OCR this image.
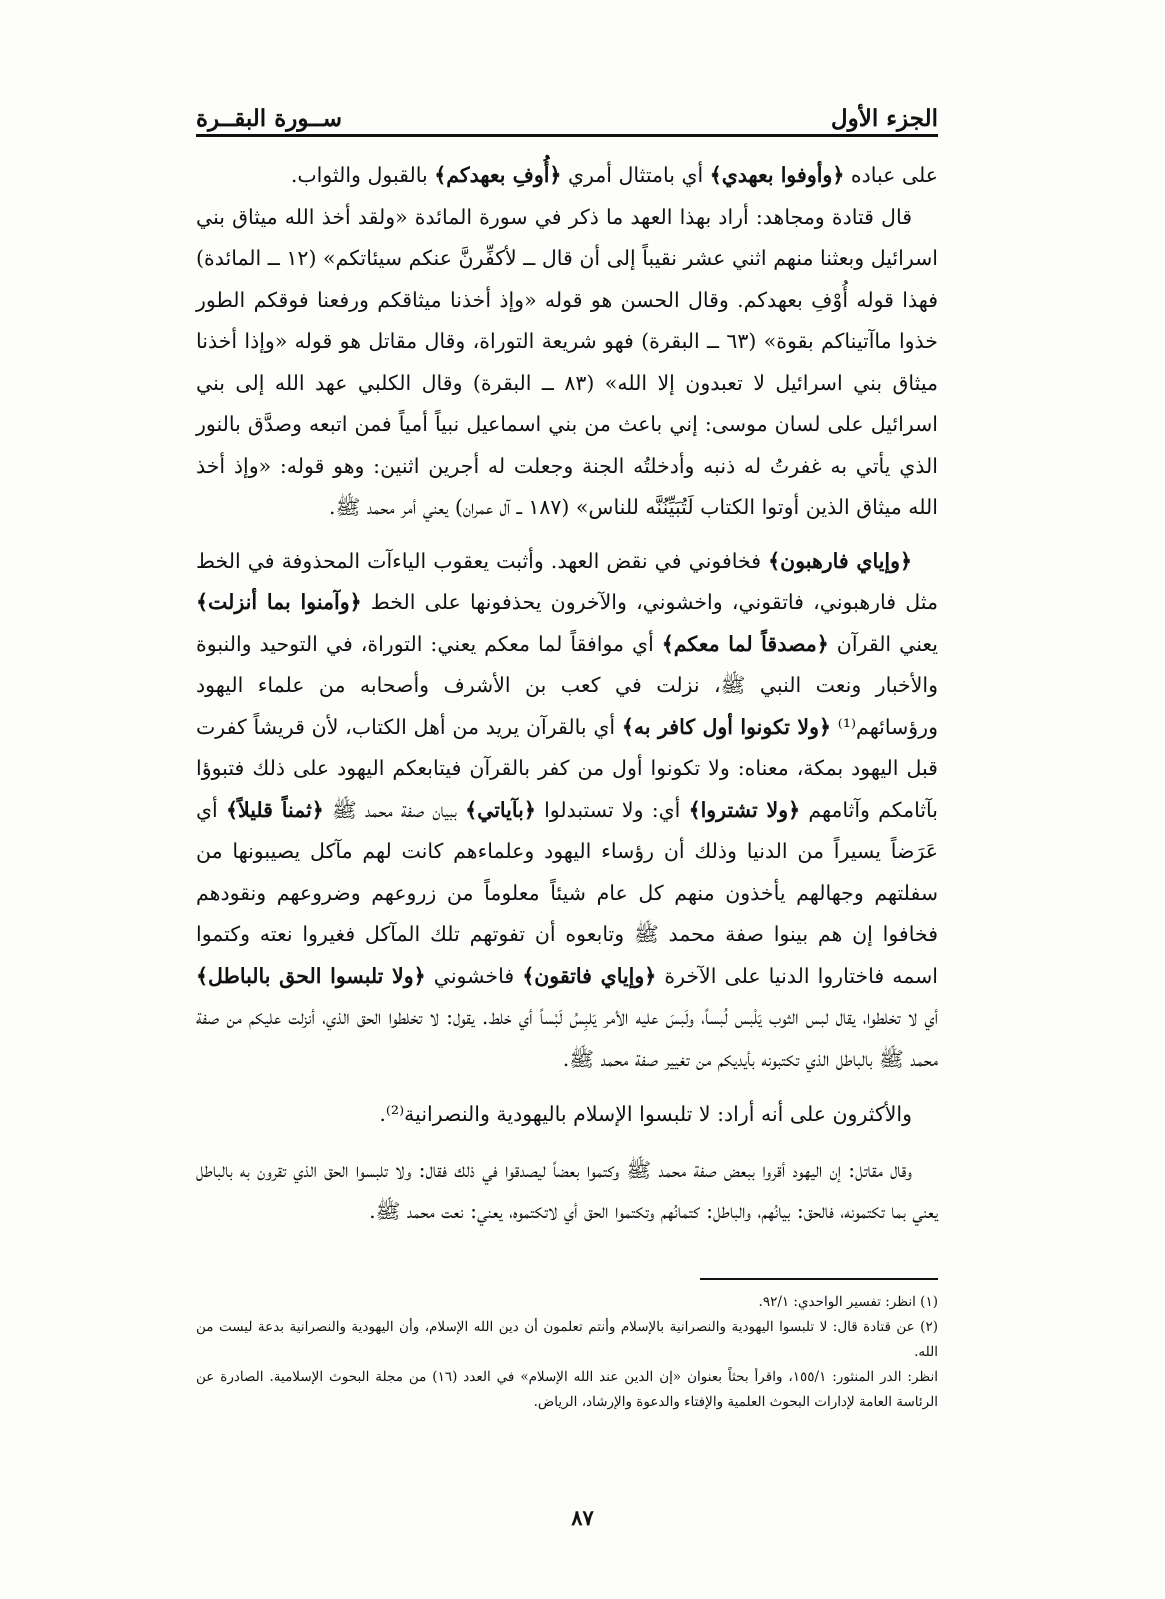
الجزء الأول
ســورة البقــرة

على عباده ﴿وأوفوا بعهدي﴾ أي بامتثال أمري ﴿أُوفِ بعهدكم﴾ بالقبول والثواب.

قال قتادة ومجاهد: أراد بهذا العهد ما ذكر في سورة المائدة «ولقد أخذ الله ميثاق بني اسرائيل وبعثنا منهم اثني عشر نقيباً إلى أن قال ــ لأكفِّرنَّ عنكم سيئاتكم» (١٢ ــ المائدة) فهذا قوله أُوْفِ بعهدكم. وقال الحسن هو قوله «وإذ أخذنا ميثاقكم ورفعنا فوقكم الطور خذوا ماآتيناكم بقوة» (٦٣ ــ البقرة) فهو شريعة التوراة، وقال مقاتل هو قوله «وإذا أخذنا ميثاق بني اسرائيل لا تعبدون إلا الله» (٨٣ ــ البقرة) وقال الكلبي عهد الله إلى بني اسرائيل على لسان موسى: إني باعث من بني اسماعيل نبياً أمياً فمن اتبعه وصدَّق بالنور الذي يأتي به غفرتُ له ذنبه وأدخلتُه الجنة وجعلت له أجرين اثنين: وهو قوله: «وإذ أخذ الله ميثاق الذين أوتوا الكتاب لَتُبَيِّنُنَّه للناس» (١٨٧ ــ آل عمران) يعني أمر محمد ﷺ.

﴿وإياي فارهبون﴾ فخافوني في نقض العهد. وأثبت يعقوب الياءآت المحذوفة في الخط مثل فارهبوني، فاتقوني، واخشوني، والآخرون يحذفونها على الخط ﴿وآمنوا بما أنزلت﴾ يعني القرآن ﴿مصدقاً لما معكم﴾ أي موافقاً لما معكم يعني: التوراة، في التوحيد والنبوة والأخبار ونعت النبي ﷺ، نزلت في كعب بن الأشرف وأصحابه من علماء اليهود ورؤسائهم⁽¹⁾ ﴿ولا تكونوا أول كافر به﴾ أي بالقرآن يريد من أهل الكتاب، لأن قريشاً كفرت قبل اليهود بمكة، معناه: ولا تكونوا أول من كفر بالقرآن فيتابعكم اليهود على ذلك فتبوؤا بآثامكم وآثامهم ﴿ولا تشتروا﴾ أي: ولا تستبدلوا ﴿بآياتي﴾ ببيان صفة محمد ﷺ ﴿ثمناً قليلاً﴾ أي عَرَضاً يسيراً من الدنيا وذلك أن رؤساء اليهود وعلماءهم كانت لهم مآكل يصيبونها من سفلتهم وجهالهم يأخذون منهم كل عام شيئاً معلوماً من زروعهم وضروعهم ونقودهم فخافوا إن هم بينوا صفة محمد ﷺ وتابعوه أن تفوتهم تلك المآكل فغيروا نعته وكتموا اسمه فاختاروا الدنيا على الآخرة ﴿وإياي فاتقون﴾ فاخشوني ﴿ولا تلبسوا الحق بالباطل﴾ أي لا تخلطوا، يقال لبس الثوب يَلْبس لُبساً، ولَبسَ عليه الأمر يَلبِسُ لَبْساً أي خلط. يقول: لا تخلطوا الحق الذي، أنزلت عليكم من صفة محمد ﷺ بالباطل الذي تكتبونه بأيديكم من تغيير صفة محمد ﷺ.

والأكثرون على أنه أراد: لا تلبسوا الإسلام باليهودية والنصرانية⁽²⁾.

وقال مقاتل: إن اليهود أقروا ببعض صفة محمد ﷺ وكتموا بعضاً ليصدقوا في ذلك فقال: ولا تلبسوا الحق الذي تقرون به بالباطل يعني بما تكتمونه، فالحق: بيانُهم، والباطل: كتمانُهم وتكتموا الحق أي لاتكتموه، يعني: نعت محمد ﷺ.

(١) انظر: تفسير الواحدي: ٩٢/١.

(٢) عن قتادة قال: لا تلبسوا اليهودية والنصرانية بالإسلام وأنتم تعلمون أن دين الله الإسلام، وأن اليهودية والنصرانية بدعة ليست من الله.

انظر: الدر المنثور: ١٥٥/١، واقرأ بحثاً بعنوان «إن الدين عند الله الإسلام» في العدد (١٦) من مجلة البحوث الإسلامية. الصادرة عن الرئاسة العامة لإدارات البحوث العلمية والإفتاء والدعوة والإرشاد، الرياض.

٨٧
